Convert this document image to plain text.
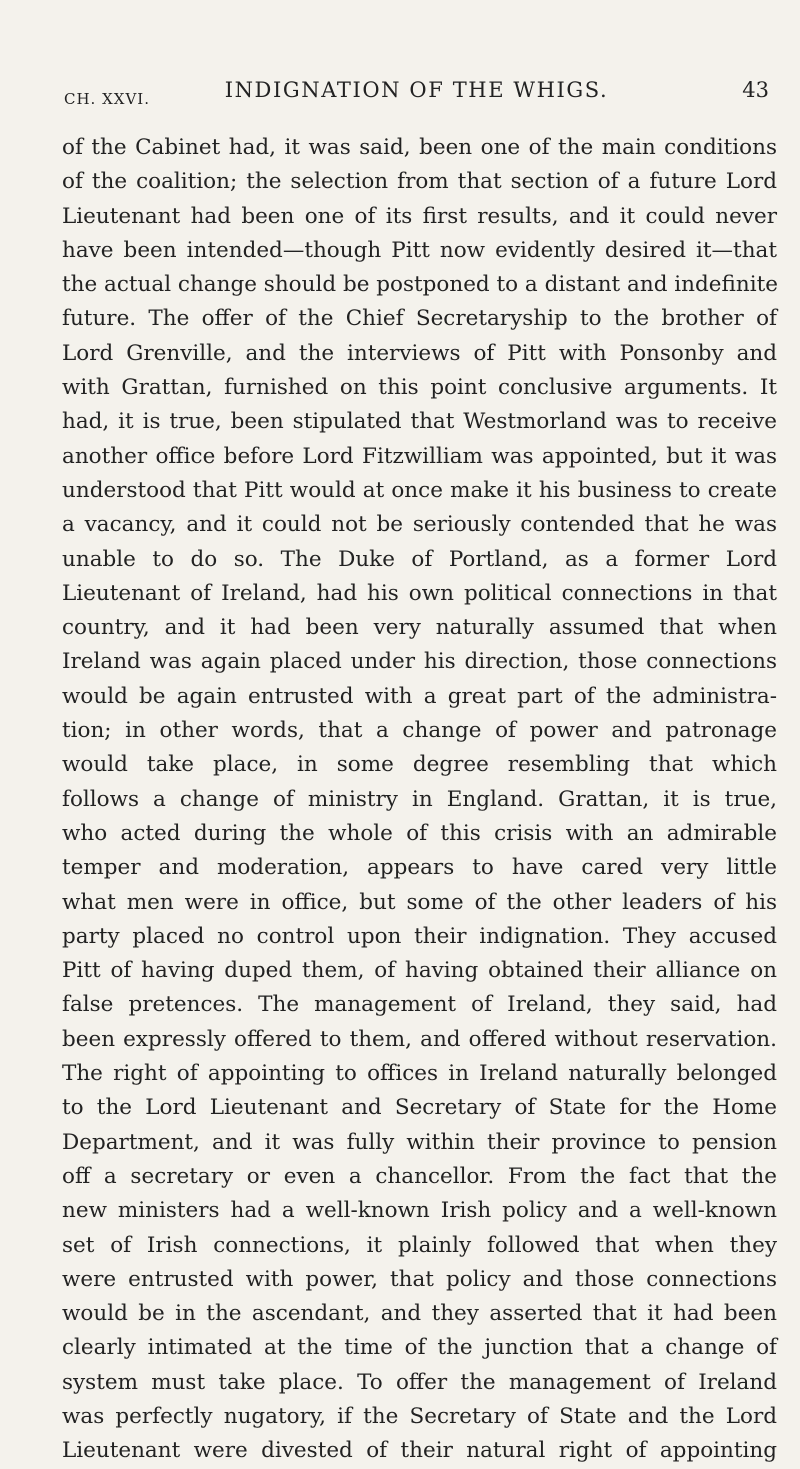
CH. XXVI.	INDIGNATION OF THE WHIGS.	43
of the Cabinet had, it was said, been one of the main conditions
of the coalition; the selection from that section of a future Lord
Lieutenant had been one of its first results, and it could never
have been intended—though Pitt now evidently desired it—that
the actual change should be postponed to a distant and indefinite
future. The offer of the Chief Secretaryship to the brother of
Lord Grenville, and the interviews of Pitt with Ponsonby and
with Grattan, furnished on this point conclusive arguments. It
had, it is true, been stipulated that Westmorland was to receive
another office before Lord Fitzwilliam was appointed, but it was
understood that Pitt would at once make it his business to create
a vacancy, and it could not be seriously contended that he was
unable to do so. The Duke of Portland, as a former Lord
Lieutenant of Ireland, had his own political connections in that
country, and it had been very naturally assumed that when
Ireland was again placed under his direction, those connections
would be again entrusted with a great part of the administra-
tion; in other words, that a change of power and patronage
would take place, in some degree resembling that which
follows a change of ministry in England. Grattan, it is true,
who acted during the whole of this crisis with an admirable
temper and moderation, appears to have cared very little
what men were in office, but some of the other leaders of his
party placed no control upon their indignation. They accused
Pitt of having duped them, of having obtained their alliance on
false pretences. The management of Ireland, they said, had
been expressly offered to them, and offered without reservation.
The right of appointing to offices in Ireland naturally belonged
to the Lord Lieutenant and Secretary of State for the Home
Department, and it was fully within their province to pension
off a secretary or even a chancellor. From the fact that the
new ministers had a well-known Irish policy and a well-known
set of Irish connections, it plainly followed that when they
were entrusted with power, that policy and those connections
would be in the ascendant, and they asserted that it had been
clearly intimated at the time of the junction that a change of
system must take place. To offer the management of Ireland
was perfectly nugatory, if the Secretary of State and the Lord
Lieutenant were divested of their natural right of appointing
